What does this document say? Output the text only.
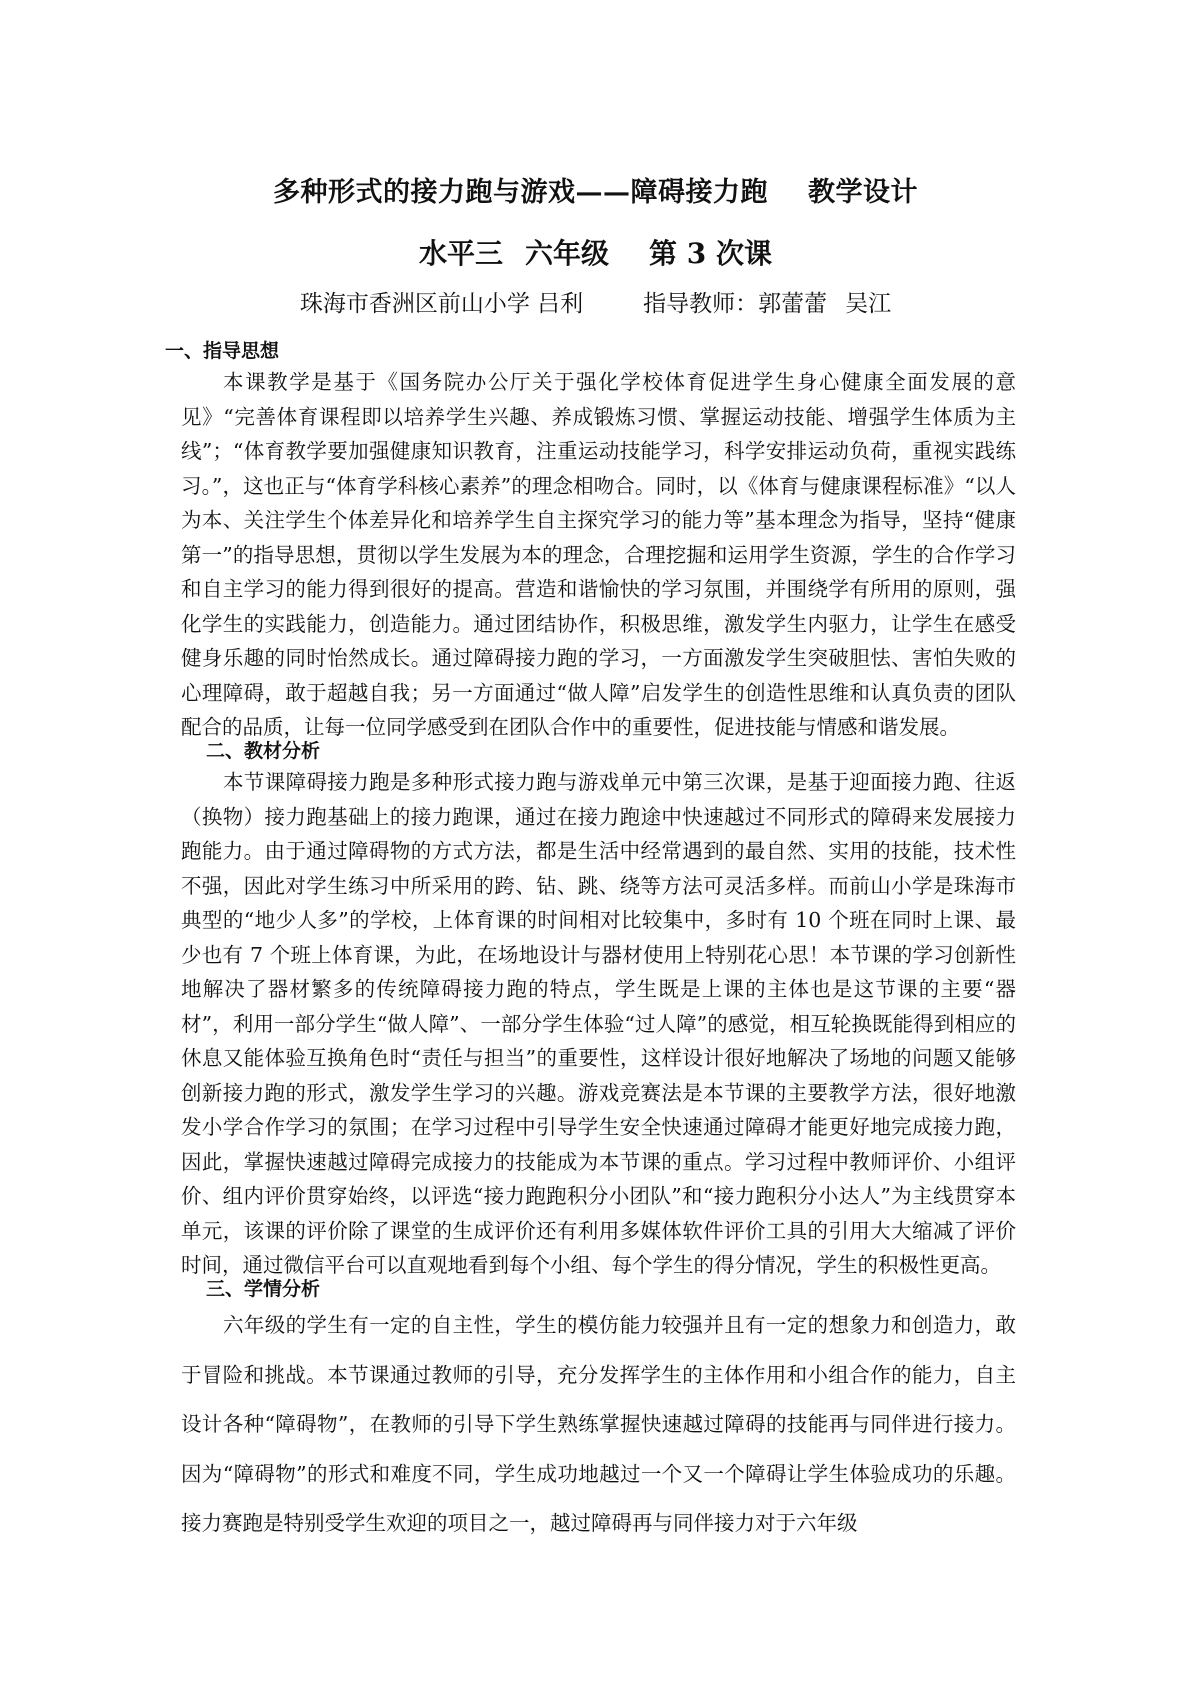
多种形式的接力跑与游戏——障碍接力跑 教学设计
水平三 六年级 第 3 次课
珠海市香洲区前山小学 吕利	指导教师：郭蕾蕾 吴江
一、指导思想

本课教学是基于《国务院办公厅关于强化学校体育促进学生身心健康全面发展的意见》“完善体育课程即以培养学生兴趣、养成锻炼习惯、掌握运动技能、增强学生体质为主线”；“体育教学要加强健康知识教育，注重运动技能学习，科学安排运动负荷，重视实践练习。”，这也正与“体育学科核心素养”的理念相吻合。同时，以《体育与健康课程标准》“以人为本、关注学生个体差异化和培养学生自主探究学习的能力等”基本理念为指导，坚持“健康第一”的指导思想，贯彻以学生发展为本的理念，合理挖掘和运用学生资源，学生的合作学习和自主学习的能力得到很好的提高。营造和谐愉快的学习氛围，并围绕学有所用的原则，强化学生的实践能力，创造能力。通过团结协作，积极思维，激发学生内驱力，让学生在感受健身乐趣的同时怡然成长。通过障碍接力跑的学习，一方面激发学生突破胆怯、害怕失败的心理障碍，敢于超越自我；另一方面通过“做人障”启发学生的创造性思维和认真负责的团队配合的品质，让每一位同学感受到在团队合作中的重要性，促进技能与情感和谐发展。

二、教材分析

本节课障碍接力跑是多种形式接力跑与游戏单元中第三次课，是基于迎面接力跑、往返（换物）接力跑基础上的接力跑课，通过在接力跑途中快速越过不同形式的障碍来发展接力跑能力。由于通过障碍物的方式方法，都是生活中经常遇到的最自然、实用的技能，技术性不强，因此对学生练习中所采用的跨、钻、跳、绕等方法可灵活多样。而前山小学是珠海市典型的“地少人多”的学校，上体育课的时间相对比较集中，多时有 10 个班在同时上课、最少也有 7 个班上体育课，为此，在场地设计与器材使用上特别花心思！本节课的学习创新性地解决了器材繁多的传统障碍接力跑的特点，学生既是上课的主体也是这节课的主要“器材”，利用一部分学生“做人障”、一部分学生体验“过人障”的感觉，相互轮换既能得到相应的休息又能体验互换角色时“责任与担当”的重要性，这样设计很好地解决了场地的问题又能够创新接力跑的形式，激发学生学习的兴趣。游戏竞赛法是本节课的主要教学方法，很好地激发小学合作学习的氛围；在学习过程中引导学生安全快速通过障碍才能更好地完成接力跑，因此，掌握快速越过障碍完成接力的技能成为本节课的重点。学习过程中教师评价、小组评价、组内评价贯穿始终，以评选“接力跑跑积分小团队”和“接力跑积分小达人”为主线贯穿本单元，该课的评价除了课堂的生成评价还有利用多媒体软件评价工具的引用大大缩减了评价时间，通过微信平台可以直观地看到每个小组、每个学生的得分情况，学生的积极性更高。

三、学情分析

六年级的学生有一定的自主性，学生的模仿能力较强并且有一定的想象力和创造力，敢于冒险和挑战。本节课通过教师的引导，充分发挥学生的主体作用和小组合作的能力，自主设计各种“障碍物”，在教师的引导下学生熟练掌握快速越过障碍的技能再与同伴进行接力。因为“障碍物”的形式和难度不同，学生成功地越过一个又一个障碍让学生体验成功的乐趣。接力赛跑是特别受学生欢迎的项目之一，越过障碍再与同伴接力对于六年级
